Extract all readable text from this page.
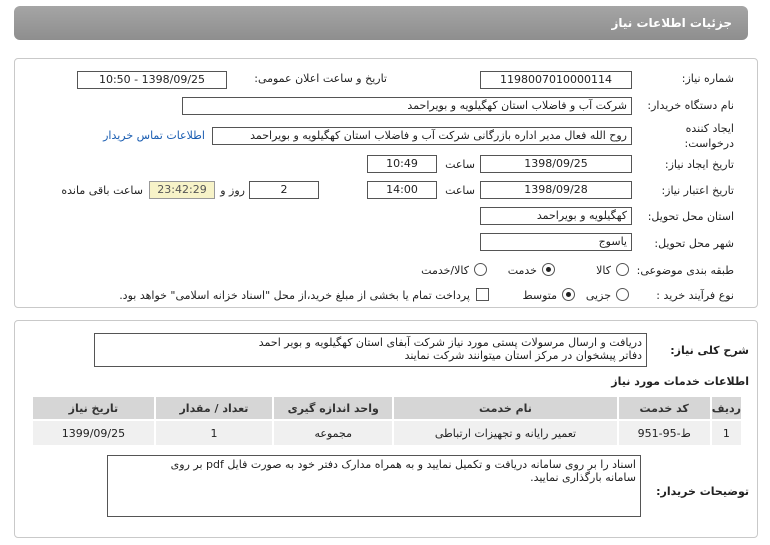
جزئیات اطلاعات نیاز
شماره نیاز:
1198007010000114
تاریخ و ساعت اعلان عمومی:
1398/09/25 - 10:50
نام دستگاه خریدار:
شرکت آب و فاضلاب استان کهگیلویه و بویراحمد
ایجاد کننده
درخواست:
روح الله فعال مدیر اداره بازرگانی شرکت آب و فاضلاب استان کهگیلویه و بویراحمد
اطلاعات تماس خریدار
تاریخ ایجاد نیاز:
1398/09/25
ساعت
10:49
تاریخ اعتبار نیاز:
1398/09/28
ساعت
14:00
2
روز و
23:42:29
ساعت باقی مانده
استان محل تحویل:
کهگیلویه و بویراحمد
شهر محل تحویل:
یاسوج
طبقه بندی موضوعی:
کالا
خدمت
کالا/خدمت
نوع فرآیند خرید :
جزیی
متوسط
پرداخت تمام یا بخشی از مبلغ خرید،از محل "اسناد خزانه اسلامی" خواهد بود.
شرح کلی نیاز:
دریافت و ارسال مرسولات پستی مورد نیاز شرکت آبفای استان کهگیلویه و بویر احمد
دفاتر پیشخوان در مرکز استان میتوانند شرکت نمایند
اطلاعات خدمات مورد نیاز
ردیف	کد خدمت	نام خدمت	واحد اندازه گیری	تعداد / مقدار	تاریخ نیاز
1	ط-95-951	تعمیر رایانه و تجهیزات ارتباطی	مجموعه	1	1399/09/25
توضیحات خریدار:
اسناد را بر روی سامانه دریافت و تکمیل نمایید و به همراه مدارک دفتر خود به صورت فایل pdf بر روی
سامانه بارگذاری نمایید.
